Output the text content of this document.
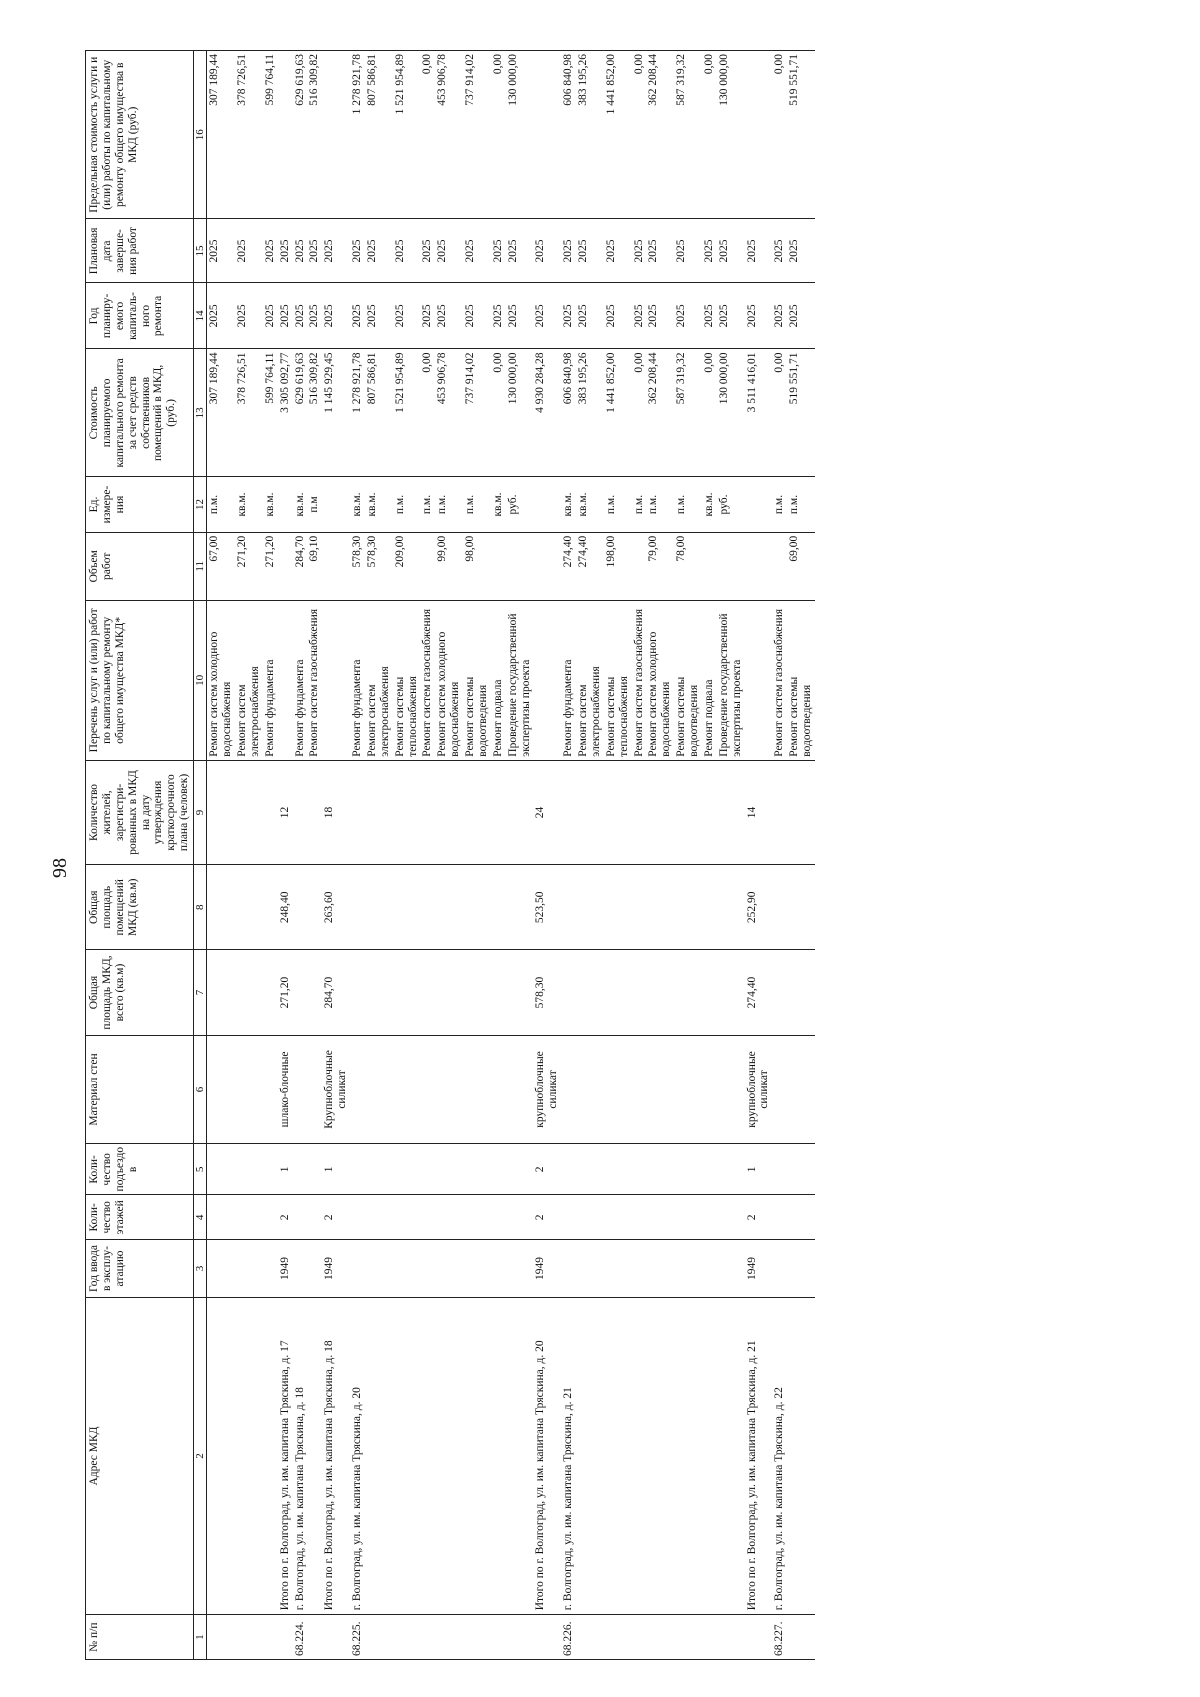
98
№ п/п	Адрес МКД	Год ввода в эксплу-атацию	Коли-чество этажей	Коли-чество подъездо в	Материал стен	Общая площадь МКД, всего (кв.м)	Общая площадь помещений МКД (кв.м)	Количество жителей, зарегистри-рованных в МКД на дату утверждения краткосрочного плана (человек)	Перечень услуг и (или) работ по капитальному ремонту общего имущества МКД*	Объем работ	Ед. измере-ния	Стоимость планируемого капитального ремонта за счет средств собственников помещений в МКД, (руб.)	Год планиру-емого капиталь-ного ремонта	Плановая дата заверше-ния работ	Предельная стоимость услуги и (или) работы по капитальному ремонту общего имущества в МКД (руб.)
1	2	3	4	5	6	7	8	9	10	11	12	13	14	15	16
									Ремонт систем холодного водоснабжения	67,00	п.м.	307 189,44	2025	2025	307 189,44
									Ремонт систем электроснабжения	271,20	кв.м.	378 726,51	2025	2025	378 726,51
									Ремонт фундамента	271,20	кв.м.	599 764,11	2025	2025	599 764,11
	Итого по г. Волгоград, ул. им. капитана Тряскина, д. 17	1949	2	1	шлако-блочные	271,20	248,40	12				3 305 092,77	2025	2025	
68.224.	г. Волгоград, ул. им. капитана Тряскина, д. 18								Ремонт фундамента	284,70	кв.м.	629 619,63	2025	2025	629 619,63
									Ремонт систем газоснабжения	69,10	п.м	516 309,82	2025	2025	516 309,82
	Итого по г. Волгоград, ул. им. капитана Тряскина, д. 18	1949	2	1	Крупноблочные силикат	284,70	263,60	18				1 145 929,45	2025	2025	
68.225.	г. Волгоград, ул. им. капитана Тряскина, д. 20								Ремонт фундамента	578,30	кв.м.	1 278 921,78	2025	2025	1 278 921,78
									Ремонт систем электроснабжения	578,30	кв.м.	807 586,81	2025	2025	807 586,81
									Ремонт системы теплоснабжения	209,00	п.м.	1 521 954,89	2025	2025	1 521 954,89
									Ремонт систем газоснабжения		п.м.	0,00	2025	2025	0,00
									Ремонт систем холодного водоснабжения	99,00	п.м.	453 906,78	2025	2025	453 906,78
									Ремонт системы водоотведения	98,00	п.м.	737 914,02	2025	2025	737 914,02
									Ремонт подвала		кв.м.	0,00	2025	2025	0,00
									Проведение государственной экспертизы проекта		руб.	130 000,00	2025	2025	130 000,00
	Итого по г. Волгоград, ул. им. капитана Тряскина, д. 20	1949	2	2	крупноблочные силикат	578,30	523,50	24				4 930 284,28	2025	2025	
68.226.	г. Волгоград, ул. им. капитана Тряскина, д. 21								Ремонт фундамента	274,40	кв.м.	606 840,98	2025	2025	606 840,98
									Ремонт систем электроснабжения	274,40	кв.м.	383 195,26	2025	2025	383 195,26
									Ремонт системы теплоснабжения	198,00	п.м.	1 441 852,00	2025	2025	1 441 852,00
									Ремонт систем газоснабжения		п.м.	0,00	2025	2025	0,00
									Ремонт систем холодного водоснабжения	79,00	п.м.	362 208,44	2025	2025	362 208,44
									Ремонт системы водоотведения	78,00	п.м.	587 319,32	2025	2025	587 319,32
									Ремонт подвала		кв.м.	0,00	2025	2025	0,00
									Проведение государственной экспертизы проекта		руб.	130 000,00	2025	2025	130 000,00
	Итого по г. Волгоград, ул. им. капитана Тряскина, д. 21	1949	2	1	крупноблочные силикат	274,40	252,90	14				3 511 416,01	2025	2025	
68.227.	г. Волгоград, ул. им. капитана Тряскина, д. 22								Ремонт систем газоснабжения		п.м.	0,00	2025	2025	0,00
									Ремонт системы водоотведения	69,00	п.м.	519 551,71	2025	2025	519 551,71
